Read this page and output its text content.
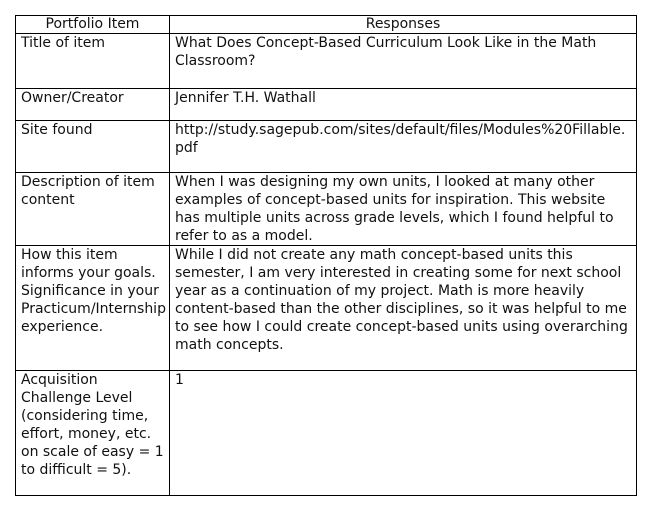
Portfolio Item	Responses
Title of item	What Does Concept-Based Curriculum Look Like in the Math Classroom?
Owner/Creator	Jennifer T.H. Wathall
Site found	http://study.sagepub.com/sites/default/files/Modules%20Fillable.pdf
Description of item content	When I was designing my own units, I looked at many other examples of concept-based units for inspiration. This website has multiple units across grade levels, which I found helpful to refer to as a model.
How this item informs your goals. Significance in your Practicum/Internship experience.	While I did not create any math concept-based units this semester, I am very interested in creating some for next school year as a continuation of my project. Math is more heavily content-based than the other disciplines, so it was helpful to me to see how I could create concept-based units using overarching math concepts.
Acquisition Challenge Level (considering time, effort, money, etc. on scale of easy = 1 to difficult = 5).	1
